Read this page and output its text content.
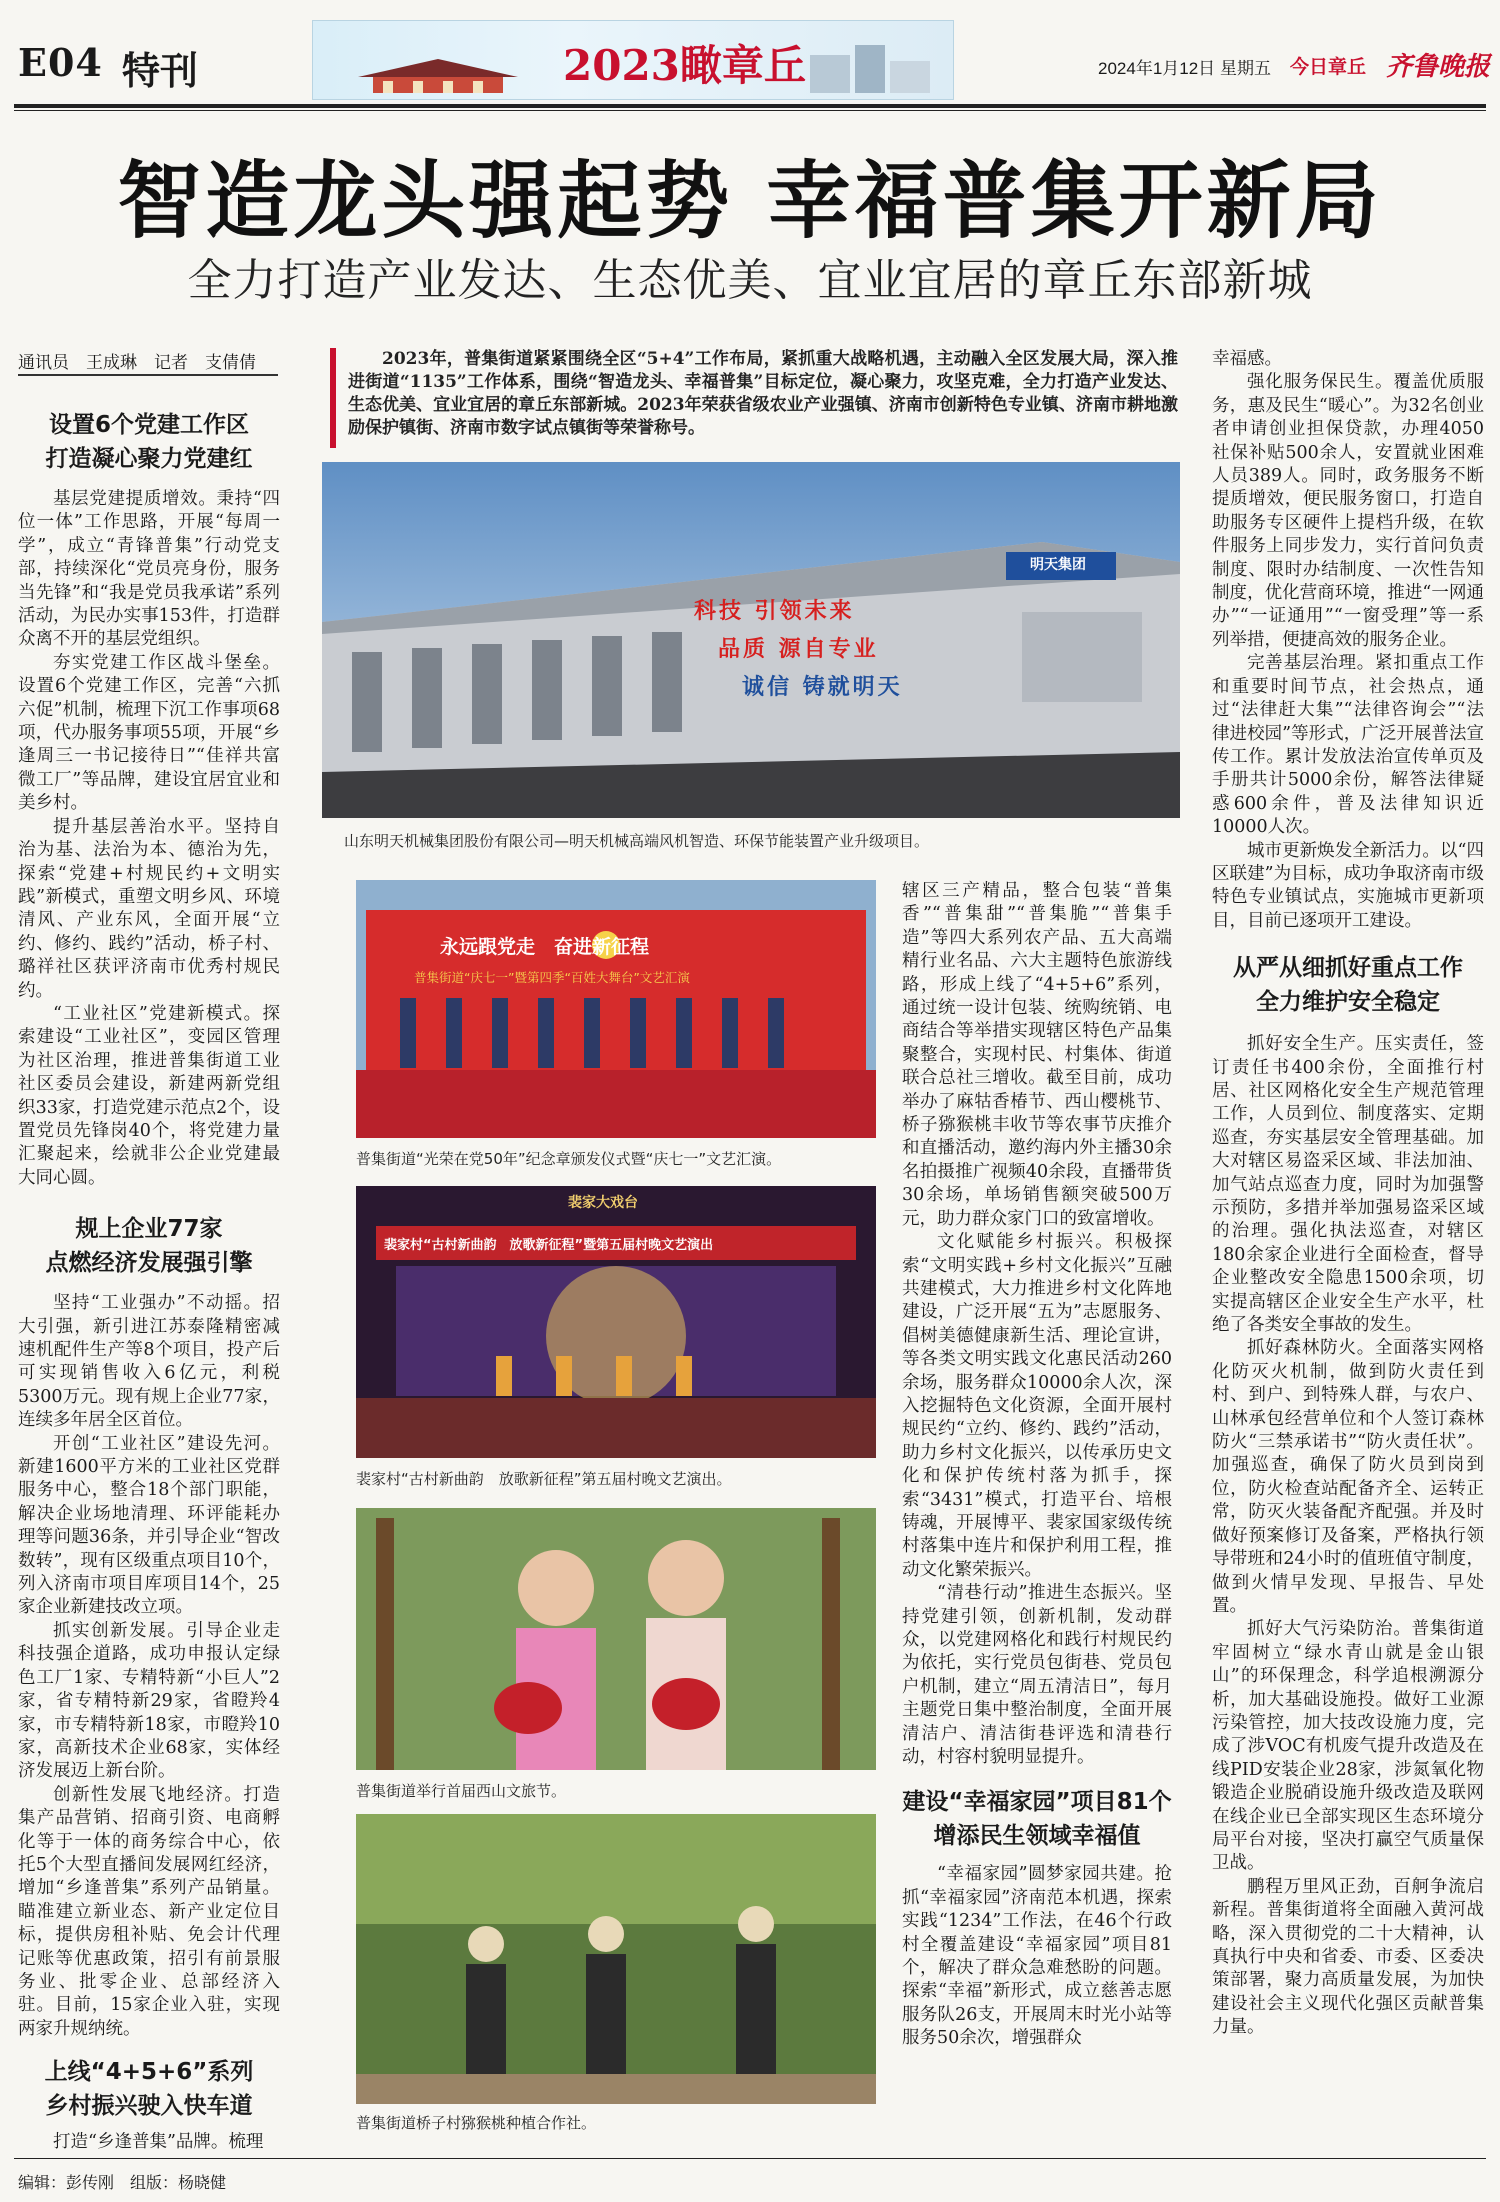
E04 特刊	2023瞰章丘	2024年1月12日 星期五 今日章丘 齐鲁晚报
智造龙头强起势 幸福普集开新局
全力打造产业发达、生态优美、宜业宜居的章丘东部新城
通讯员　王成琳　记者　支倩倩
设置6个党建工作区
打造凝心聚力党建红

基层党建提质增效。秉持“四位一体”工作思路，开展“每周一学”，成立“青锋普集”行动党支部，持续深化“党员亮身份，服务当先锋”和“我是党员我承诺”系列活动，为民办实事153件，打造群众离不开的基层党组织。

夯实党建工作区战斗堡垒。设置6个党建工作区，完善“六抓六促”机制，梳理下沉工作事项68项，代办服务事项55项，开展“乡逢周三一书记接待日”“佳祥共富微工厂”等品牌，建设宜居宜业和美乡村。

提升基层善治水平。坚持自治为基、法治为本、德治为先，探索“党建+村规民约+文明实践”新模式，重塑文明乡风、环境清风、产业东风，全面开展“立约、修约、践约”活动，桥子村、璐祥社区获评济南市优秀村规民约。

“工业社区”党建新模式。探索建设“工业社区”，变园区管理为社区治理，推进普集街道工业社区委员会建设，新建两新党组织33家，打造党建示范点2个，设置党员先锋岗40个，将党建力量汇聚起来，绘就非公企业党建最大同心圆。

规上企业77家
点燃经济发展强引擎

坚持“工业强办”不动摇。招大引强，新引进江苏泰隆精密减速机配件生产等8个项目，投产后可实现销售收入6亿元，利税5300万元。现有规上企业77家，连续多年居全区首位。

开创“工业社区”建设先河。新建1600平方米的工业社区党群服务中心，整合18个部门职能，解决企业场地清理、环评能耗办理等问题36条，并引导企业“智改数转”，现有区级重点项目10个，列入济南市项目库项目14个，25家企业新建技改立项。

抓实创新发展。引导企业走科技强企道路，成功申报认定绿色工厂1家、专精特新“小巨人”2家，省专精特新29家，省瞪羚4家，市专精特新18家，市瞪羚10家，高新技术企业68家，实体经济发展迈上新台阶。

创新性发展飞地经济。打造集产品营销、招商引资、电商孵化等于一体的商务综合中心，依托5个大型直播间发展网红经济，增加“乡逢普集”系列产品销量。瞄准建立新业态、新产业定位目标，提供房租补贴、免会计代理记账等优惠政策，招引有前景服务业、批零企业、总部经济入驻。目前，15家企业入驻，实现两家升规纳统。

上线“4+5+6”系列
乡村振兴驶入快车道

打造“乡逢普集”品牌。梳理

2023年，普集街道紧紧围绕全区“5+4”工作布局，紧抓重大战略机遇，主动融入全区发展大局，深入推进街道“1135”工作体系，围绕“智造龙头、幸福普集”目标定位，凝心聚力，攻坚克难，全力打造产业发达、生态优美、宜业宜居的章丘东部新城。2023年荣获省级农业产业强镇、济南市创新特色专业镇、济南市耕地激励保护镇街、济南市数字试点镇街等荣誉称号。
明天集团
科技 引领未来
品质 源自专业
诚信 铸就明天
山东明天机械集团股份有限公司—明天机械高端风机智造、环保节能装置产业升级项目。
永远跟党走　奋进新征程
普集街道“庆七一”暨第四季“百姓大舞台”文艺汇演
普集街道“光荣在党50年”纪念章颁发仪式暨“庆七一”文艺汇演。
裴家大戏台
裴家村“古村新曲韵　放歌新征程”暨第五届村晚文艺演出
裴家村“古村新曲韵　放歌新征程”第五届村晚文艺演出。
普集街道举行首届西山文旅节。
普集街道桥子村猕猴桃种植合作社。

辖区三产精品，整合包装“普集香”“普集甜”“普集脆”“普集手造”等四大系列农产品、五大高端精行业名品、六大主题特色旅游线路，形成上线了“4+5+6”系列，通过统一设计包装、统购统销、电商结合等举措实现辖区特色产品集聚整合，实现村民、村集体、街道联合总社三增收。截至目前，成功举办了麻牯香椿节、西山樱桃节、桥子猕猴桃丰收节等农事节庆推介和直播活动，邀约海内外主播30余名拍摄推广视频40余段，直播带货30余场，单场销售额突破500万元，助力群众家门口的致富增收。

文化赋能乡村振兴。积极探索“文明实践+乡村文化振兴”互融共建模式，大力推进乡村文化阵地建设，广泛开展“五为”志愿服务、倡树美德健康新生活、理论宣讲，等各类文明实践文化惠民活动260余场，服务群众10000余人次，深入挖掘特色文化资源，全面开展村规民约“立约、修约、践约”活动，助力乡村文化振兴，以传承历史文化和保护传统村落为抓手，探索“3431”模式，打造平台、培根铸魂，开展博平、裴家国家级传统村落集中连片和保护利用工程，推动文化繁荣振兴。

“清巷行动”推进生态振兴。坚持党建引领，创新机制，发动群众，以党建网格化和践行村规民约为依托，实行党员包街巷、党员包户机制，建立“周五清洁日”，每月主题党日集中整治制度，全面开展清洁户、清洁街巷评选和清巷行动，村容村貌明显提升。

建设“幸福家园”项目81个
增添民生领域幸福值

“幸福家园”圆梦家园共建。抢抓“幸福家园”济南范本机遇，探索实践“1234”工作法，在46个行政村全覆盖建设“幸福家园”项目81个，解决了群众急难愁盼的问题。探索“幸福”新形式，成立慈善志愿服务队26支，开展周末时光小站等服务50余次，增强群众

幸福感。

强化服务保民生。覆盖优质服务，惠及民生“暖心”。为32名创业者申请创业担保贷款，办理4050社保补贴500余人，安置就业困难人员389人。同时，政务服务不断提质增效，便民服务窗口，打造自助服务专区硬件上提档升级，在软件服务上同步发力，实行首问负责制度、限时办结制度、一次性告知制度，优化营商环境，推进“一网通办”“一证通用”“一窗受理”等一系列举措，便捷高效的服务企业。

完善基层治理。紧扣重点工作和重要时间节点，社会热点，通过“法律赶大集”“法律咨询会”“法律进校园”等形式，广泛开展普法宣传工作。累计发放法治宣传单页及手册共计5000余份，解答法律疑惑600余件，普及法律知识近10000人次。

城市更新焕发全新活力。以“四区联建”为目标，成功争取济南市级特色专业镇试点，实施城市更新项目，目前已逐项开工建设。

从严从细抓好重点工作
全力维护安全稳定

抓好安全生产。压实责任，签订责任书400余份，全面推行村居、社区网格化安全生产规范管理工作，人员到位、制度落实、定期巡查，夯实基层安全管理基础。加大对辖区易盗采区域、非法加油、加气站点巡查力度，同时为加强警示预防，多措并举加强易盗采区域的治理。强化执法巡查，对辖区180余家企业进行全面检查，督导企业整改安全隐患1500余项，切实提高辖区企业安全生产水平，杜绝了各类安全事故的发生。

抓好森林防火。全面落实网格化防灭火机制，做到防火责任到村、到户、到特殊人群，与农户、山林承包经营单位和个人签订森林防火“三禁承诺书”“防火责任状”。加强巡查，确保了防火员到岗到位，防火检查站配备齐全、运转正常，防灭火装备配齐配强。并及时做好预案修订及备案，严格执行领导带班和24小时的值班值守制度，做到火情早发现、早报告、早处置。

抓好大气污染防治。普集街道牢固树立“绿水青山就是金山银山”的环保理念，科学追根溯源分析，加大基础设施投。做好工业源污染管控，加大技改设施力度，完成了涉VOC有机废气提升改造及在线PID安装企业28家，涉氮氧化物锻造企业脱硝设施升级改造及联网在线企业已全部实现区生态环境分局平台对接，坚决打赢空气质量保卫战。

鹏程万里风正劲，百舸争流启新程。普集街道将全面融入黄河战略，深入贯彻党的二十大精神，认真执行中央和省委、市委、区委决策部署，聚力高质量发展，为加快建设社会主义现代化强区贡献普集力量。

编辑：彭传刚　组版：杨晓健
